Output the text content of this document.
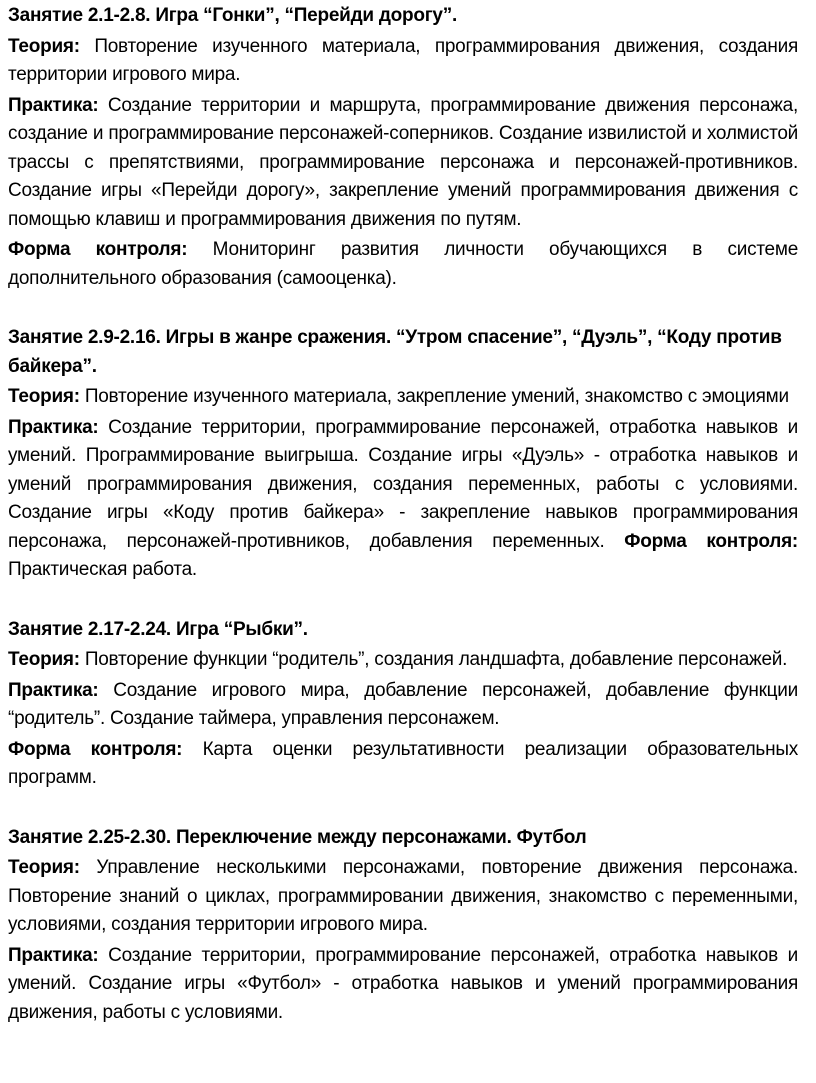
Занятие 2.1-2.8. Игра “Гонки”, “Перейди дорогу”.

Теория: Повторение изученного материала, программирования движения, создания территории игрового мира.

Практика: Создание территории и маршрута, программирование движения персонажа, создание и программирование персонажей-соперников. Создание извилистой и холмистой трассы с препятствиями, программирование персонажа и персонажей-противников. Создание игры «Перейди дорогу», закрепление умений программирования движения с помощью клавиш и программирования движения по путям.

Форма контроля: Мониторинг развития личности обучающихся в системе дополнительного образования (самооценка).

Занятие 2.9-2.16. Игры в жанре сражения. “Утром спасение”, “Дуэль”, “Коду против байкера”.

Теория: Повторение изученного материала, закрепление умений, знакомство с эмоциями

Практика: Создание территории, программирование персонажей, отработка навыков и умений. Программирование выигрыша. Создание игры «Дуэль» - отработка навыков и умений программирования движения, создания переменных, работы с условиями. Создание игры «Коду против байкера» - закрепление навыков программирования персонажа, персонажей-противников, добавления переменных. Форма контроля: Практическая работа.

Занятие 2.17-2.24. Игра “Рыбки”.

Теория: Повторение функции “родитель”, создания ландшафта, добавление персонажей.

Практика: Создание игрового мира, добавление персонажей, добавление функции “родитель”. Создание таймера, управления персонажем.

Форма контроля: Карта оценки результативности реализации образовательных программ.

Занятие 2.25-2.30. Переключение между персонажами. Футбол

Теория: Управление несколькими персонажами, повторение движения персонажа. Повторение знаний о циклах, программировании движения, знакомство с переменными, условиями, создания территории игрового мира.

Практика: Создание территории, программирование персонажей, отработка навыков и умений. Создание игры «Футбол» - отработка навыков и умений программирования движения, работы с условиями.
